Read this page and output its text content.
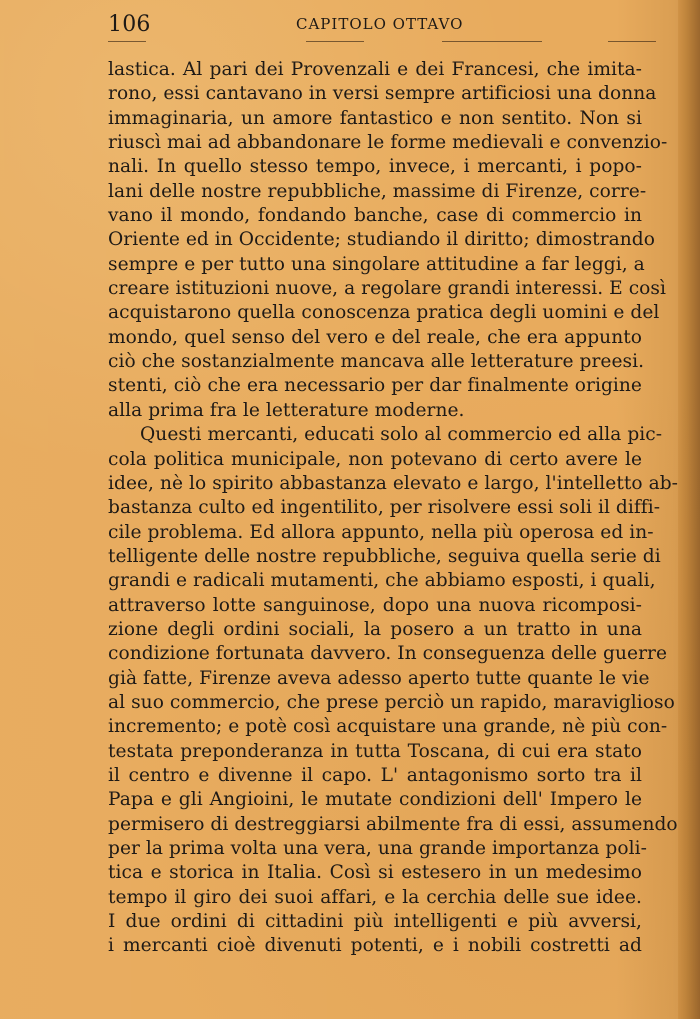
106	CAPITOLO OTTAVO
lastica. Al pari dei Provenzali e dei Francesi, che imita-
rono, essi cantavano in versi sempre artificiosi una donna
immaginaria, un amore fantastico e non sentito. Non si
riuscì mai ad abbandonare le forme medievali e convenzio-
nali. In quello stesso tempo, invece, i mercanti, i popo-
lani delle nostre repubbliche, massime di Firenze, corre-
vano il mondo, fondando banche, case di commercio in
Oriente ed in Occidente; studiando il diritto; dimostrando
sempre e per tutto una singolare attitudine a far leggi, a
creare istituzioni nuove, a regolare grandi interessi. E così
acquistarono quella conoscenza pratica degli uomini e del
mondo, quel senso del vero e del reale, che era appunto
ciò che sostanzialmente mancava alle letterature preesi.
stenti, ciò che era necessario per dar finalmente origine
alla prima fra le letterature moderne.
Questi mercanti, educati solo al commercio ed alla pic-
cola politica municipale, non potevano di certo avere le
idee, nè lo spirito abbastanza elevato e largo, l'intelletto ab-
bastanza culto ed ingentilito, per risolvere essi soli il diffi-
cile problema. Ed allora appunto, nella più operosa ed in-
telligente delle nostre repubbliche, seguiva quella serie di
grandi e radicali mutamenti, che abbiamo esposti, i quali,
attraverso lotte sanguinose, dopo una nuova ricomposi-
zione degli ordini sociali, la posero a un tratto in una
condizione fortunata davvero. In conseguenza delle guerre
già fatte, Firenze aveva adesso aperto tutte quante le vie
al suo commercio, che prese perciò un rapido, maraviglioso
incremento; e potè così acquistare una grande, nè più con-
testata preponderanza in tutta Toscana, di cui era stato
il centro e divenne il capo. L' antagonismo sorto tra il
Papa e gli Angioini, le mutate condizioni dell' Impero le
permisero di destreggiarsi abilmente fra di essi, assumendo
per la prima volta una vera, una grande importanza poli-
tica e storica in Italia. Così si estesero in un medesimo
tempo il giro dei suoi affari, e la cerchia delle sue idee.
I due ordini di cittadini più intelligenti e più avversi,
i mercanti cioè divenuti potenti, e i nobili costretti ad
